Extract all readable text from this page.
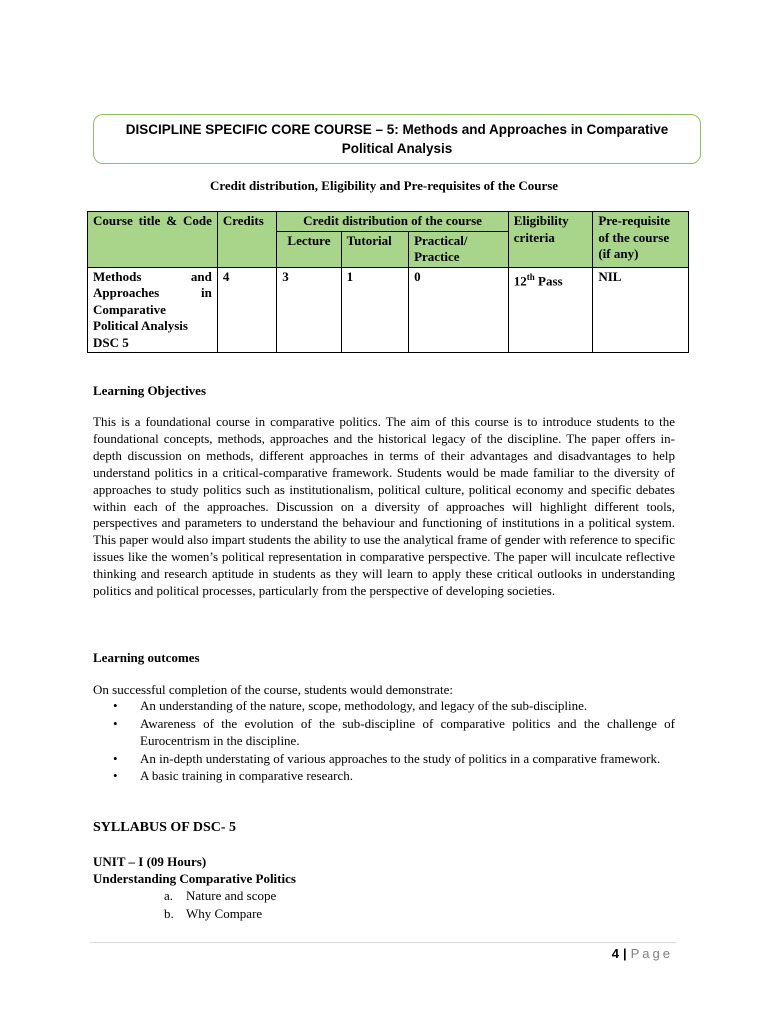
DISCIPLINE SPECIFIC CORE COURSE – 5: Methods and Approaches in Comparative
Political Analysis
Credit distribution, Eligibility and Pre-requisites of the Course
Course title & Code	Credits	Credit distribution of the course			Eligibility criteria	Pre-requisite of the course (if any)
		Lecture	Tutorial	Practical/ Practice		

Methods and
Approaches in
Comparative
Political Analysis
DSC 5	4	3	1	0	12th Pass	NIL
Learning Objectives

This is a foundational course in comparative politics. The aim of this course is to introduce students to the foundational concepts, methods, approaches and the historical legacy of the discipline. The paper offers in-depth discussion on methods, different approaches in terms of their advantages and disadvantages to help understand politics in a critical-comparative framework. Students would be made familiar to the diversity of approaches to study politics such as institutionalism, political culture, political economy and specific debates within each of the approaches. Discussion on a diversity of approaches will highlight different tools, perspectives and parameters to understand the behaviour and functioning of institutions in a political system. This paper would also impart students the ability to use the analytical frame of gender with reference to specific issues like the women’s political representation in comparative perspective. The paper will inculcate reflective thinking and research aptitude in students as they will learn to apply these critical outlooks in understanding politics and political processes, particularly from the perspective of developing societies.

Learning outcomes

On successful completion of the course, students would demonstrate:

• An understanding of the nature, scope, methodology, and legacy of the sub-discipline.
• Awareness of the evolution of the sub-discipline of comparative politics and the challenge of Eurocentrism in the discipline.
• An in-depth understating of various approaches to the study of politics in a comparative framework.
• A basic training in comparative research.
SYLLABUS OF DSC- 5
UNIT – I (09 Hours)
Understanding Comparative Politics
a. Nature and scope
b. Why Compare
4 | Page
